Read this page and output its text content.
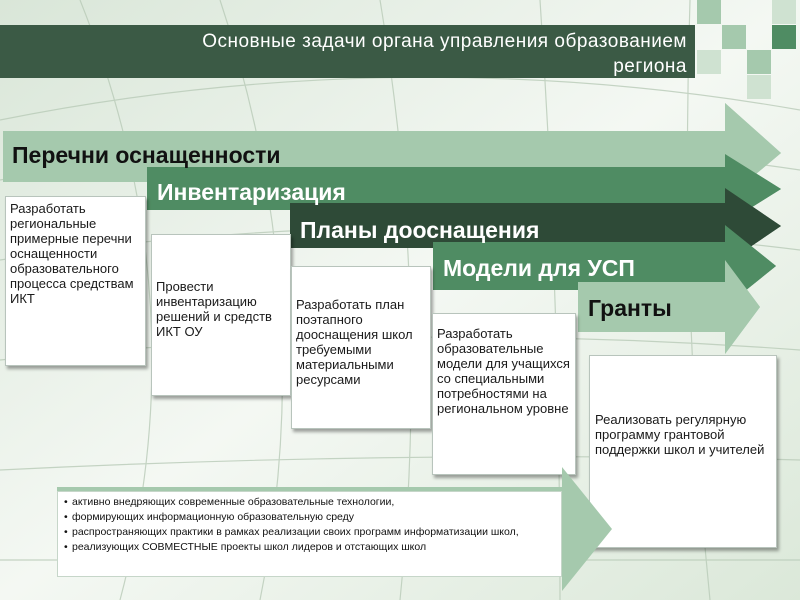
Основные задачи органа управления образованием
региона
Перечни оснащенности
Инвентаризация
Планы дооснащения
Модели для УСП
Гранты
Разработать региональные примерные перечни оснащенности образовательного процесса средствам ИКТ
Провести инвентаризацию решений и средств ИКТ ОУ
Разработать план поэтапного дооснащения школ требуемыми материальными ресурсами
Разработать образовательные модели для учащихся со специальными потребностями на региональном уровне
Реализовать регулярную программу грантовой поддержки школ и учителей
• активно внедряющих современные образовательные технологии,
• формирующих информационную образовательную среду
• распространяющих практики в рамках реализации своих программ информатизации школ,
• реализующих СОВМЕСТНЫЕ проекты школ лидеров и отстающих школ
